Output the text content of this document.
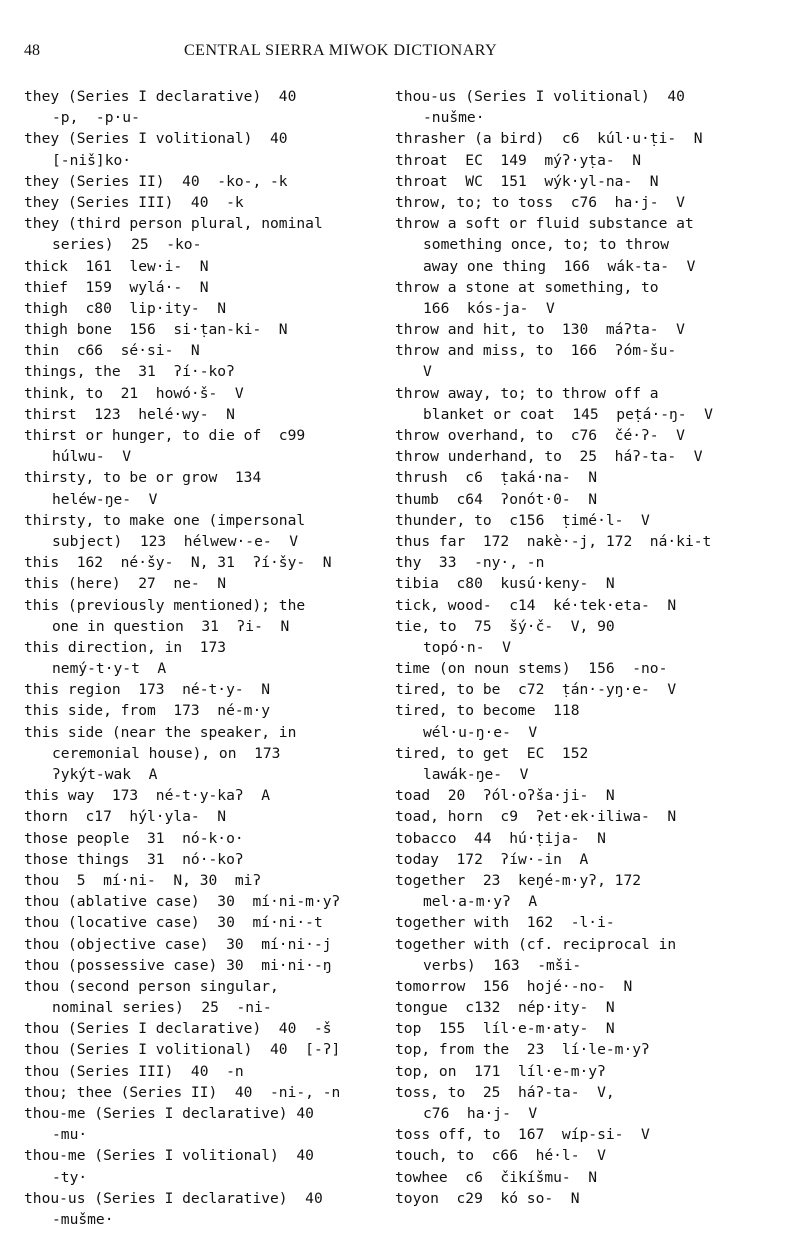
48	CENTRAL SIERRA MIWOK DICTIONARY
they (Series I declarative)  40
-p,  -p·u-
they (Series I volitional)  40
[-niš]ko·
they (Series II)  40  -ko-, -k
they (Series III)  40  -k
they (third person plural, nominal
series)  25  -ko-
thick  161  lew·i-  N
thief  159  wylá·-  N
thigh  c80  lip·ity-  N
thigh bone  156  si·ṭan-ki-  N
thin  c66  sé·si-  N
things, the  31  ʔí·-koʔ
think, to  21  howó·š-  V
thirst  123  helé·wy-  N
thirst or hunger, to die of  c99
húlwu-  V
thirsty, to be or grow  134
heléw-ŋe-  V
thirsty, to make one (impersonal
subject)  123  hélwew·-e-  V
this  162  né·šy-  N, 31  ʔí·šy-  N
this (here)  27  ne-  N
this (previously mentioned); the
one in question  31  ʔi-  N
this direction, in  173
nemý-t·y-t  A
this region  173  né-t·y-  N
this side, from  173  né-m·y
this side (near the speaker, in
ceremonial house), on  173
ʔykýt-wak  A
this way  173  né-t·y-kaʔ  A
thorn  c17  hýl·yla-  N
those people  31  nó-k·o·
those things  31  nó·-koʔ
thou  5  mí·ni-  N, 30  miʔ
thou (ablative case)  30  mí·ni-m·yʔ
thou (locative case)  30  mí·ni·-t
thou (objective case)  30  mí·ni·-j
thou (possessive case) 30  mi·ni·-ŋ
thou (second person singular,
nominal series)  25  -ni-
thou (Series I declarative)  40  -š
thou (Series I volitional)  40  [-ʔ]
thou (Series III)  40  -n
thou; thee (Series II)  40  -ni-, -n
thou-me (Series I declarative) 40
-mu·
thou-me (Series I volitional)  40
-ty·
thou-us (Series I declarative)  40
-mušme·
thou-us (Series I volitional)  40
-nušme·
thrasher (a bird)  c6  kúl·u·ṭi-  N
throat  EC  149  mýʔ·yṭa-  N
throat  WC  151  wýk·yl-na-  N
throw, to; to toss  c76  ha·j-  V
throw a soft or fluid substance at
something once, to; to throw
away one thing  166  wák-ta-  V
throw a stone at something, to
166  kós-ja-  V
throw and hit, to  130  máʔta-  V
throw and miss, to  166  ʔóm-šu-
V
throw away, to; to throw off a
blanket or coat  145  peṭá·-ŋ-  V
throw overhand, to  c76  čé·ʔ-  V
throw underhand, to  25  háʔ-ta-  V
thrush  c6  ṭaká·na-  N
thumb  c64  ʔonót·0-  N
thunder, to  c156  ṭimé·l-  V
thus far  172  nakè·-j, 172  ná·ki-t
thy  33  -ny·, -n
tibia  c80  kusú·keny-  N
tick, wood-  c14  ké·tek·eta-  N
tie, to  75  šý·č-  V, 90
topó·n-  V
time (on noun stems)  156  -no-
tired, to be  c72  ṭán·-yŋ·e-  V
tired, to become  118
wél·u-ŋ·e-  V
tired, to get  EC  152
lawák-ŋe-  V
toad  20  ʔól·oʔša·ji-  N
toad, horn  c9  ʔet·ek·iliwa-  N
tobacco  44  hú·ṭija-  N
today  172  ʔíw·-in  A
together  23  keŋé-m·yʔ, 172
mel·a-m·yʔ  A
together with  162  -l·i-
together with (cf. reciprocal in
verbs)  163  -mši-
tomorrow  156  hojé·-no-  N
tongue  c132  nép·ity-  N
top  155  líl·e-m·aty-  N
top, from the  23  lí·le-m·yʔ
top, on  171  líl·e-m·yʔ
toss, to  25  háʔ-ta-  V,
c76  ha·j-  V
toss off, to  167  wíp-si-  V
touch, to  c66  hé·l-  V
towhee  c6  čikíšmu-  N
toyon  c29  kó so-  N
